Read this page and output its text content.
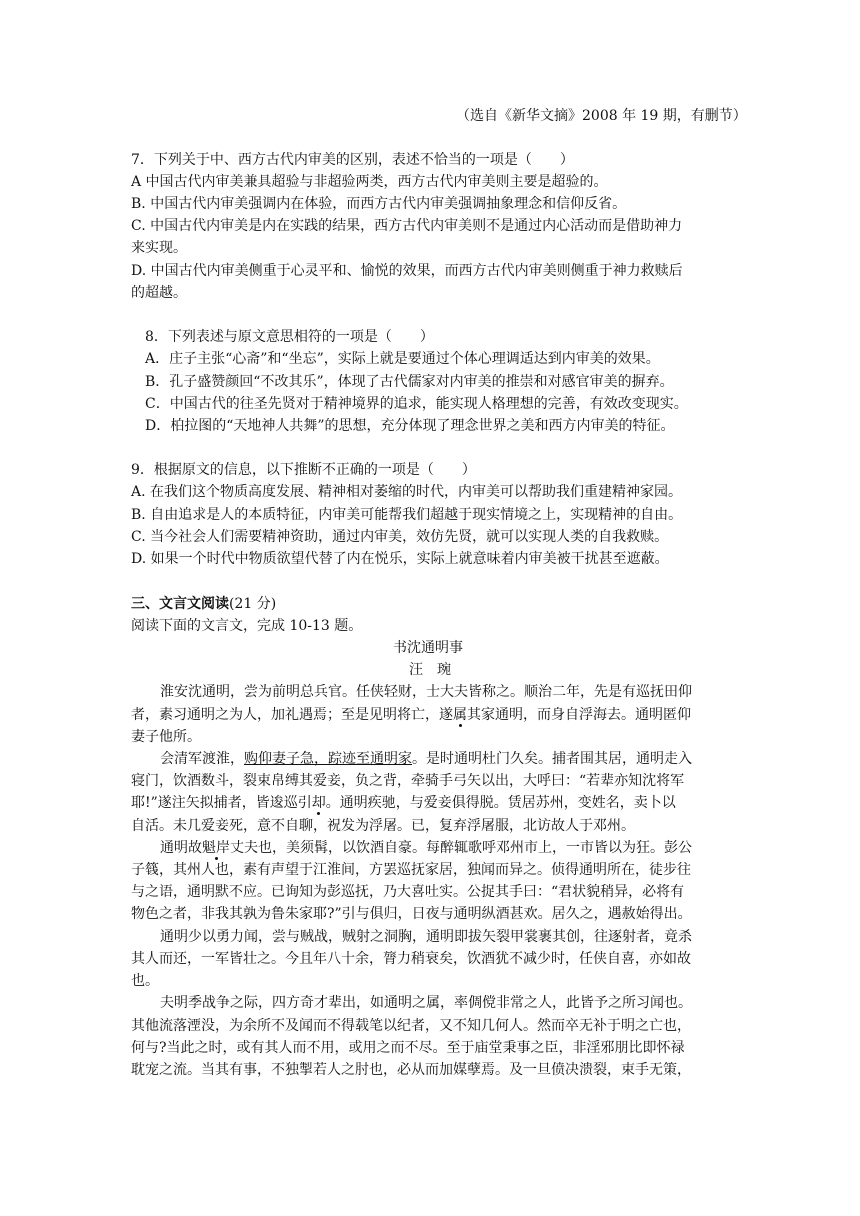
（选自《新华文摘》2008 年 19 期，有删节）
7．下列关于中、西方古代内审美的区别，表述不恰当的一项是（　　）
A 中国古代内审美兼具超验与非超验两类，西方古代内审美则主要是超验的。
B. 中国古代内审美强调内在体验，而西方古代内审美强调抽象理念和信仰反省。
C. 中国古代内审美是内在实践的结果，西方古代内审美则不是通过内心活动而是借助神力
来实现。
D. 中国古代内审美侧重于心灵平和、愉悦的效果，而西方古代内审美则侧重于神力救赎后
的超越。
8．下列表述与原文意思相符的一项是（　　）
A．庄子主张“心斋”和“坐忘”，实际上就是要通过个体心理调适达到内审美的效果。
B．孔子盛赞颜回“不改其乐”，体现了古代儒家对内审美的推崇和对感官审美的摒弃。
C．中国古代的往圣先贤对于精神境界的追求，能实现人格理想的完善，有效改变现实。
D．柏拉图的“天地神人共舞”的思想，充分体现了理念世界之美和西方内审美的特征。
9．根据原文的信息，以下推断不正确的一项是（　　）
A. 在我们这个物质高度发展、精神相对萎缩的时代，内审美可以帮助我们重建精神家园。
B. 自由追求是人的本质特征，内审美可能帮我们超越于现实情境之上，实现精神的自由。
C. 当今社会人们需要精神资助，通过内审美，效仿先贤，就可以实现人类的自我救赎。
D. 如果一个时代中物质欲望代替了内在悦乐，实际上就意味着内审美被干扰甚至遮蔽。
三、文言文阅读(21 分)
阅读下面的文言文，完成 10-13 题。
书沈通明事
汪　琬
淮安沈通明，尝为前明总兵官。任侠轻财，士大夫皆称之。顺治二年，先是有巡抚田仰
者，素习通明之为人，加礼遇焉；至是见明将亡，遂属其家通明，而身自浮海去。通明匿仰
妻子他所。
会清军渡淮，购仰妻子急，踪迹至通明家。是时通明杜门久矣。捕者围其居，通明走入
寝门，饮酒数斗，裂束帛缚其爱妾，负之背，牵骑手弓矢以出，大呼曰：“若辈亦知沈将军
耶!”遂注矢拟捕者，皆逡巡引却。通明疾驰，与爱妾俱得脱。赁居苏州，变姓名，卖卜以
自活。未几爱妾死，意不自聊，祝发为浮屠。已，复弃浮屠服，北访故人于邓州。
通明故魁岸丈夫也，美须髯，以饮酒自豪。每醉辄歌呼邓州市上，一市皆以为狂。彭公
子篯，其州人也，素有声望于江淮间，方罢巡抚家居，独闻而异之。侦得通明所在，徒步往
与之语，通明默不应。已询知为彭巡抚，乃大喜吐实。公捉其手曰：“君状貌稍异，必将有
物色之者，非我其孰为鲁朱家耶?”引与俱归，日夜与通明纵酒甚欢。居久之，遇赦始得出。
通明少以勇力闻，尝与贼战，贼射之洞胸，通明即拔矢裂甲裳裹其创，往逐射者，竟杀
其人而还，一军皆壮之。今且年八十余，膂力稍衰矣，饮酒犹不减少时，任侠自喜，亦如故
也。
夫明季战争之际，四方奇才辈出，如通明之属，率倜傥非常之人，此皆予之所习闻也。
其他流落湮没，为余所不及闻而不得载笔以纪者，又不知几何人。然而卒无补于明之亡也，
何与?当此之时，或有其人而不用，或用之而不尽。至于庙堂秉事之臣，非淫邪朋比即怀禄
耽宠之流。当其有事，不独掣若人之肘也，必从而加媒孽焉。及一旦偾决溃裂，束手无策，
